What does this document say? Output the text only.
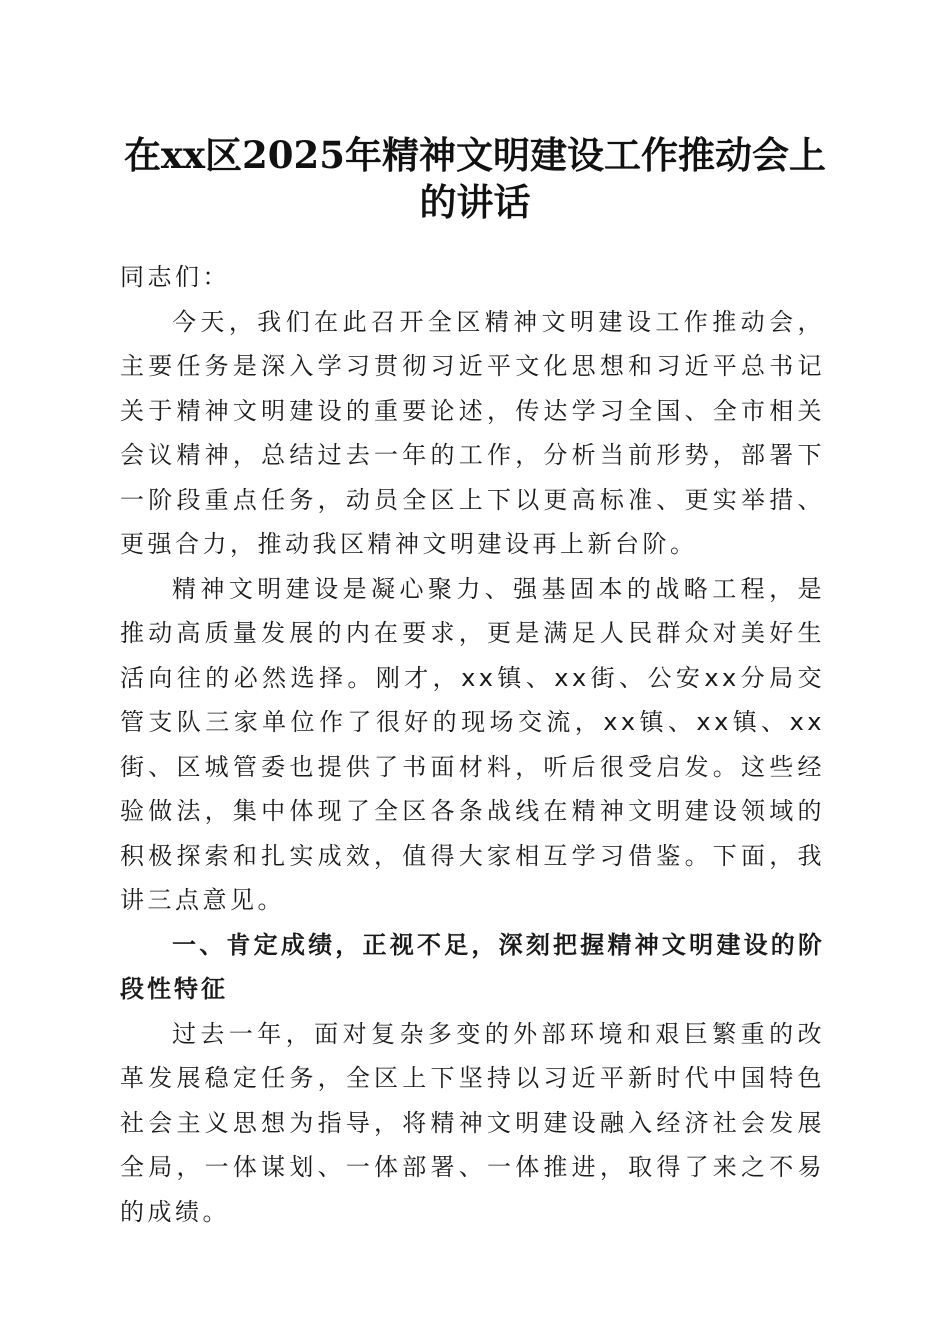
在xx区2025年精神文明建设工作推动会上的讲话

同志们：

今天，我们在此召开全区精神文明建设工作推动会，主要任务是深入学习贯彻习近平文化思想和习近平总书记关于精神文明建设的重要论述，传达学习全国、全市相关会议精神，总结过去一年的工作，分析当前形势，部署下一阶段重点任务，动员全区上下以更高标准、更实举措、更强合力，推动我区精神文明建设再上新台阶。

精神文明建设是凝心聚力、强基固本的战略工程，是推动高质量发展的内在要求，更是满足人民群众对美好生活向往的必然选择。刚才，xx镇、xx街、公安xx分局交管支队三家单位作了很好的现场交流，xx镇、xx镇、xx街、区城管委也提供了书面材料，听后很受启发。这些经验做法，集中体现了全区各条战线在精神文明建设领域的积极探索和扎实成效，值得大家相互学习借鉴。下面，我讲三点意见。

一、肯定成绩，正视不足，深刻把握精神文明建设的阶段性特征

过去一年，面对复杂多变的外部环境和艰巨繁重的改革发展稳定任务，全区上下坚持以习近平新时代中国特色社会主义思想为指导，将精神文明建设融入经济社会发展全局，一体谋划、一体部署、一体推进，取得了来之不易的成绩。
